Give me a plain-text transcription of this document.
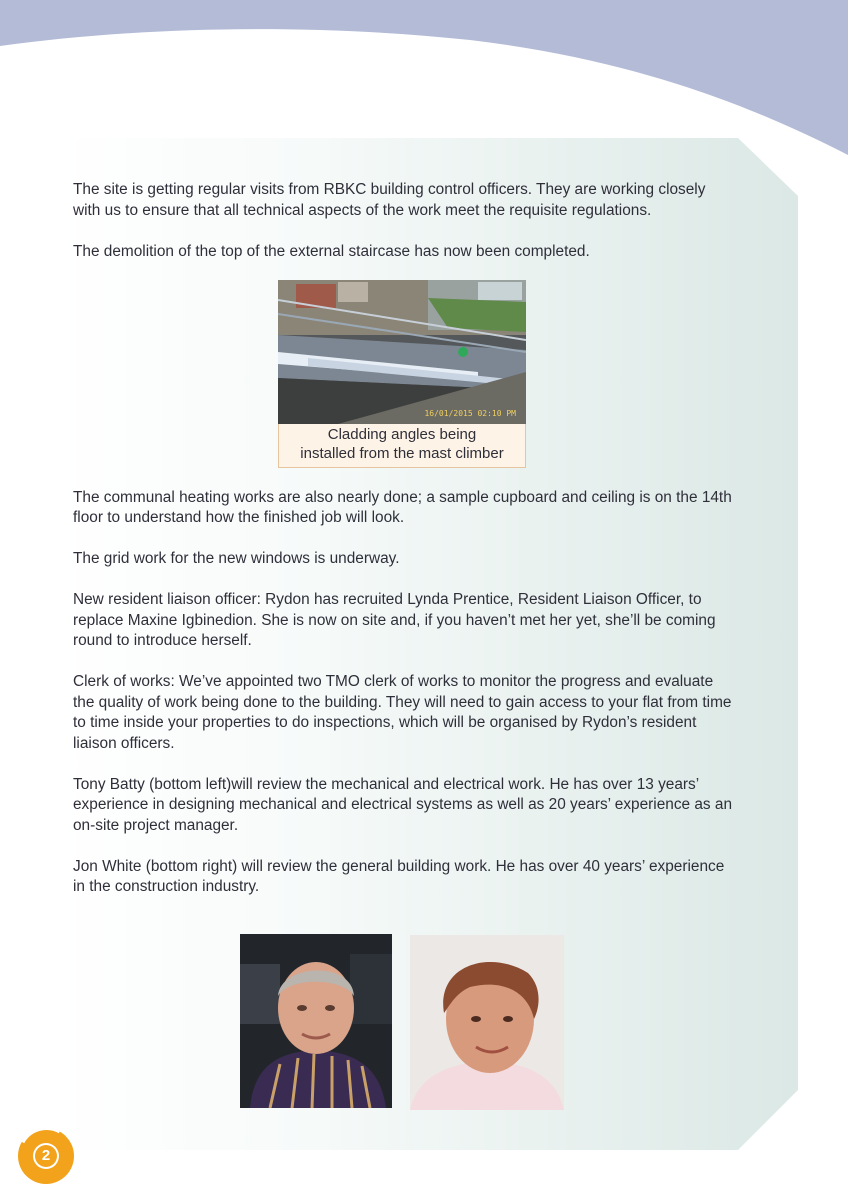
The site is getting regular visits from RBKC building control officers. They are working closely with us to ensure that all technical aspects of the work meet the requisite regulations.

The demolition of the top of the external staircase has now been completed.

The communal heating works are also nearly done; a sample cupboard and ceiling is on the 14th floor to understand how the finished job will look.

The grid work for the new windows is underway.

New resident liaison officer: Rydon has recruited Lynda Prentice, Resident Liaison Officer, to replace Maxine Igbinedion. She is now on site and, if you haven’t met her yet, she’ll be coming round to introduce herself.

Clerk of works: We’ve appointed two TMO clerk of works to monitor the progress and evaluate the quality of work being done to the building. They will need to gain access to your flat from time to time inside your properties to do inspections, which will be organised by Rydon’s resident liaison officers.

Tony Batty (bottom left)will review the mechanical and electrical work. He has over 13 years’ experience in designing mechanical and electrical systems as well as 20 years’ experience as an on-site project manager.

Jon White (bottom right) will review the general building work. He has over 40 years’ experience in the construction industry.

16/01/2015 02:10 PM
Cladding angles being
installed from the mast climber
2
